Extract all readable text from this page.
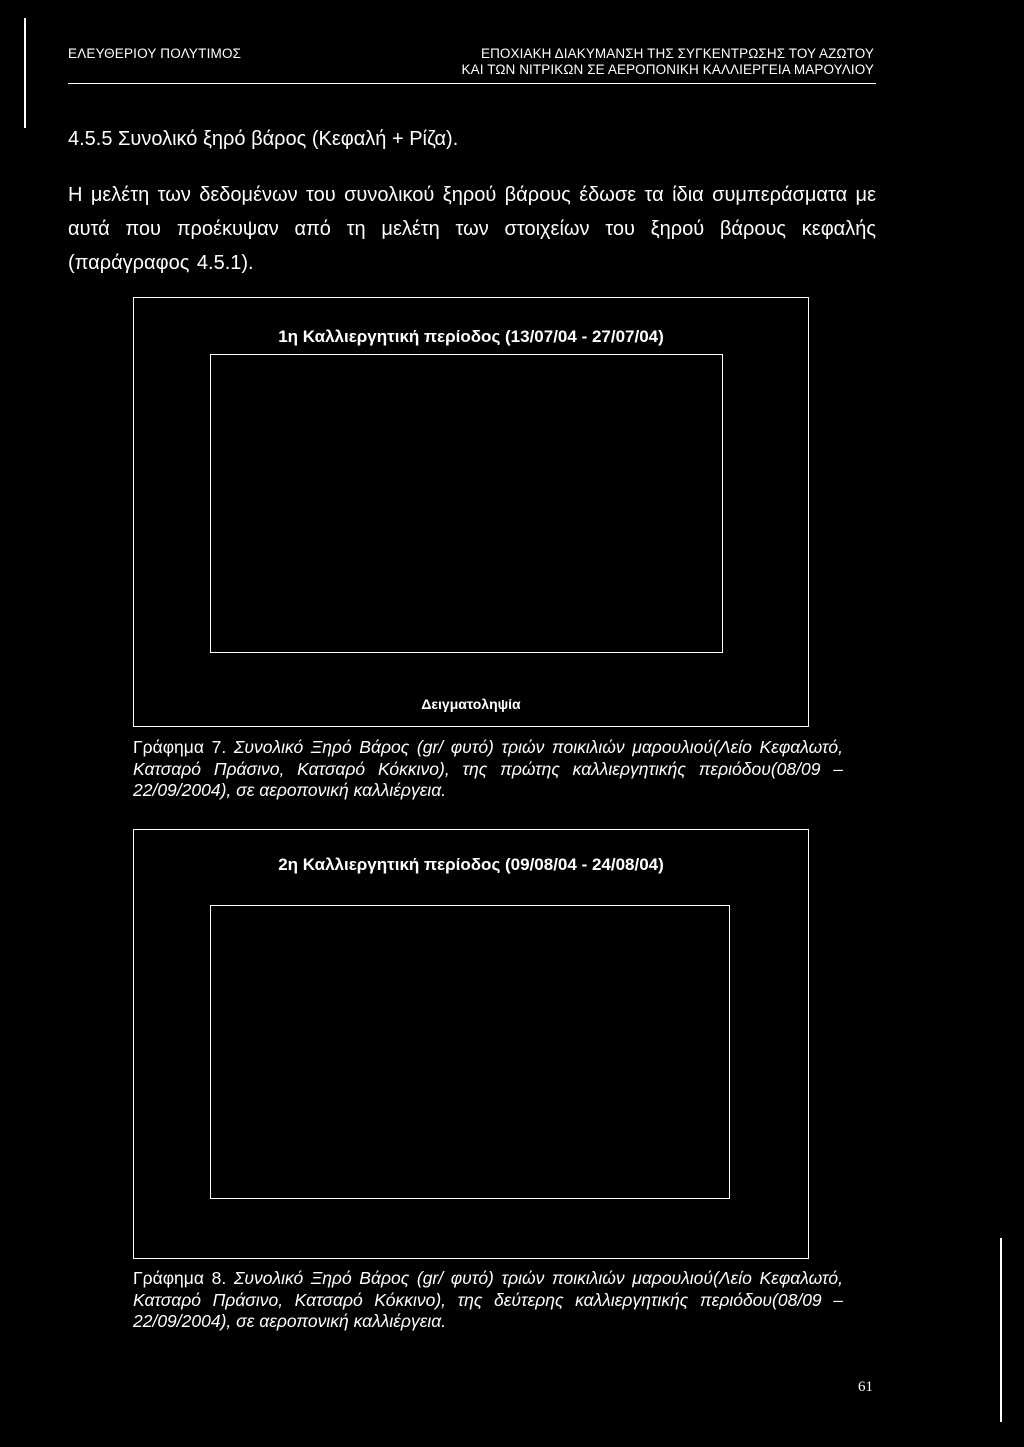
ΕΛΕΥΘΕΡΙΟΥ ΠΟΛΥΤΙΜΟΣ	ΕΠΟΧΙΑΚΗ ΔΙΑΚΥΜΑΝΣΗ ΤΗΣ ΣΥΓΚΕΝΤΡΩΣΗΣ ΤΟΥ ΑΖΩΤΟΥ
ΚΑΙ ΤΩΝ ΝΙΤΡΙΚΩΝ ΣΕ ΑΕΡΟΠΟΝΙΚΗ ΚΑΛΛΙΕΡΓΕΙΑ ΜΑΡΟΥΛΙΟΥ
4.5.5 Συνολικό ξηρό βάρος (Κεφαλή + Ρίζα).
Η μελέτη των δεδομένων του συνολικού ξηρού βάρους έδωσε τα ίδια συμπεράσματα με αυτά που προέκυψαν από τη μελέτη των στοιχείων του ξηρού βάρους κεφαλής (παράγραφος 4.5.1).
1η Καλλιεργητική περίοδος (13/07/04 - 27/07/04)
Δειγματοληψία
Γράφημα 7. Συνολικό Ξηρό Βάρος (gr/ φυτό) τριών ποικιλιών μαρουλιού(Λείο Κεφαλωτό, Κατσαρό Πράσινο, Κατσαρό Κόκκινο), της πρώτης καλλιεργητικής περιόδου(08/09 – 22/09/2004), σε αεροπονική καλλιέργεια.
2η Καλλιεργητική περίοδος (09/08/04 - 24/08/04)
Γράφημα 8. Συνολικό Ξηρό Βάρος (gr/ φυτό) τριών ποικιλιών μαρουλιού(Λείο Κεφαλωτό, Κατσαρό Πράσινο, Κατσαρό Κόκκινο), της δεύτερης καλλιεργητικής περιόδου(08/09 – 22/09/2004), σε αεροπονική καλλιέργεια.
61
